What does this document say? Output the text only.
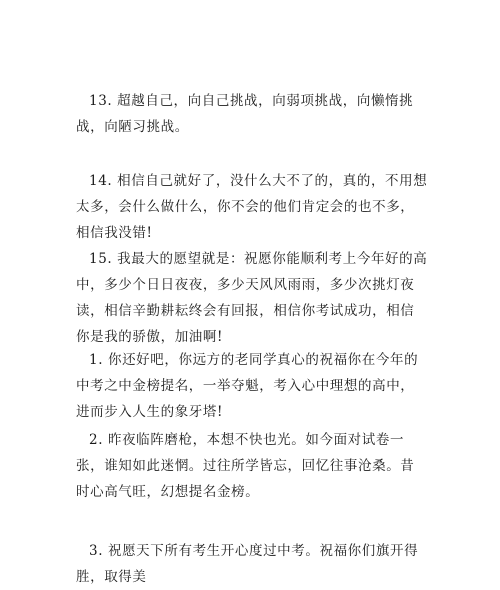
13. 超越自己，向自己挑战，向弱项挑战，向懒惰挑战，向陋习挑战。

14. 相信自己就好了，没什么大不了的，真的，不用想太多，会什么做什么，你不会的他们肯定会的也不多，相信我没错!

15. 我最大的愿望就是：祝愿你能顺利考上今年好的高中，多少个日日夜夜，多少天风风雨雨，多少次挑灯夜读，相信辛勤耕耘终会有回报，相信你考试成功，相信你是我的骄傲，加油啊!

1. 你还好吧，你远方的老同学真心的祝福你在今年的中考之中金榜提名，一举夺魁，考入心中理想的高中，进而步入人生的象牙塔!

2. 昨夜临阵磨枪，本想不快也光。如今面对试卷一张，谁知如此迷惘。过往所学皆忘，回忆往事沧桑。昔时心高气旺，幻想提名金榜。

3. 祝愿天下所有考生开心度过中考。祝福你们旗开得胜，取得美
